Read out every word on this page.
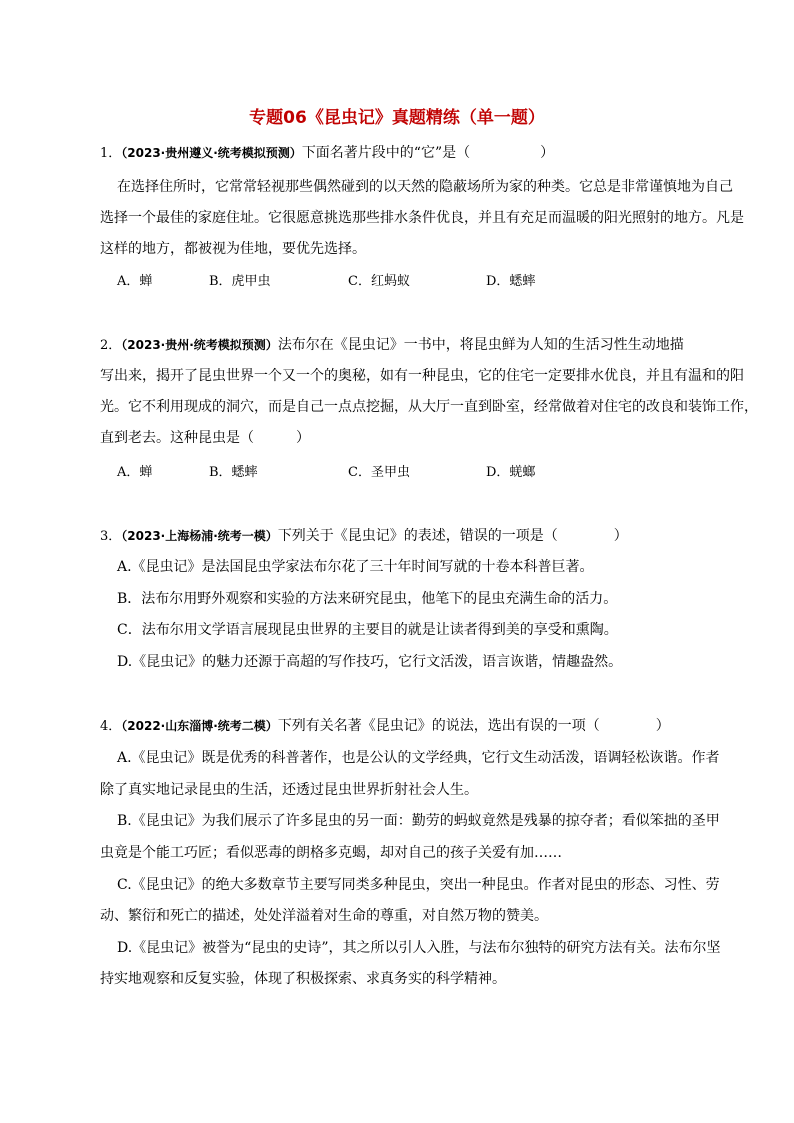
专题06《昆虫记》真题精练（单一题）
1．（2023·贵州遵义·统考模拟预测）下面名著片段中的“它”是（　　　　　）
在选择住所时，它常常轻视那些偶然碰到的以天然的隐蔽场所为家的种类。它总是非常谨慎地为自己
选择一个最佳的家庭住址。它很愿意挑选那些排水条件优良，并且有充足而温暖的阳光照射的地方。凡是
这样的地方，都被视为佳地，要优先选择。
A．蝉	B．虎甲虫	C．红蚂蚁	D．蟋蟀
2．（2023·贵州·统考模拟预测）法布尔在《昆虫记》一书中，将昆虫鲜为人知的生活习性生动地描
写出来，揭开了昆虫世界一个又一个的奥秘，如有一种昆虫，它的住宅一定要排水优良，并且有温和的阳
光。它不利用现成的洞穴，而是自己一点点挖掘，从大厅一直到卧室，经常做着对住宅的改良和装饰工作，
直到老去。这种昆虫是（　　　）
A．蝉	B．蟋蟀	C．圣甲虫	D．蜣螂
3．（2023·上海杨浦·统考一模）下列关于《昆虫记》的表述，错误的一项是（　　　　）
A.《昆虫记》是法国昆虫学家法布尔花了三十年时间写就的十卷本科普巨著。
B．法布尔用野外观察和实验的方法来研究昆虫，他笔下的昆虫充满生命的活力。
C．法布尔用文学语言展现昆虫世界的主要目的就是让读者得到美的享受和熏陶。
D.《昆虫记》的魅力还源于高超的写作技巧，它行文活泼，语言诙谐，情趣盎然。
4．（2022·山东淄博·统考二模）下列有关名著《昆虫记》的说法，选出有误的一项（　　　　）
A.《昆虫记》既是优秀的科普著作，也是公认的文学经典，它行文生动活泼，语调轻松诙谐。作者
除了真实地记录昆虫的生活，还透过昆虫世界折射社会人生。
B.《昆虫记》为我们展示了许多昆虫的另一面：勤劳的蚂蚁竟然是残暴的掠夺者；看似笨拙的圣甲
虫竟是个能工巧匠；看似恶毒的朗格多克蝎，却对自己的孩子关爱有加……
C.《昆虫记》的绝大多数章节主要写同类多种昆虫，突出一种昆虫。作者对昆虫的形态、习性、劳
动、繁衍和死亡的描述，处处洋溢着对生命的尊重，对自然万物的赞美。
D.《昆虫记》被誉为“昆虫的史诗”，其之所以引人入胜，与法布尔独特的研究方法有关。法布尔坚
持实地观察和反复实验，体现了积极探索、求真务实的科学精神。
